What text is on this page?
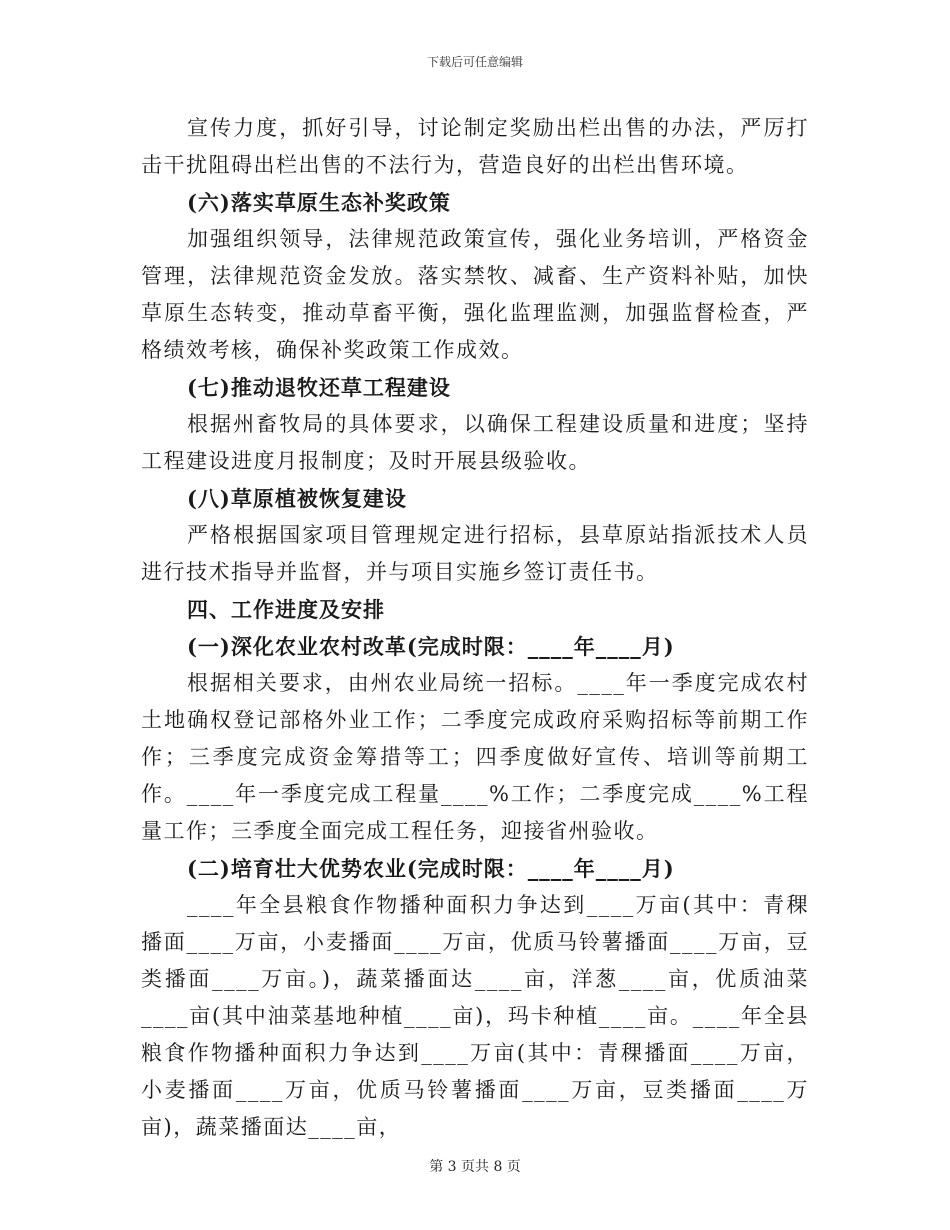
下载后可任意编辑

宣传力度，抓好引导，讨论制定奖励出栏出售的办法，严厉打击干扰阻碍出栏出售的不法行为，营造良好的出栏出售环境。

(六)落实草原生态补奖政策

加强组织领导，法律规范政策宣传，强化业务培训，严格资金管理，法律规范资金发放。落实禁牧、减畜、生产资料补贴，加快草原生态转变，推动草畜平衡，强化监理监测，加强监督检查，严格绩效考核，确保补奖政策工作成效。

(七)推动退牧还草工程建设

根据州畜牧局的具体要求，以确保工程建设质量和进度；坚持工程建设进度月报制度；及时开展县级验收。

(八)草原植被恢复建设

严格根据国家项目管理规定进行招标，县草原站指派技术人员进行技术指导并监督，并与项目实施乡签订责任书。

四、工作进度及安排

(一)深化农业农村改革(完成时限：____年____月)

根据相关要求，由州农业局统一招标。____年一季度完成农村土地确权登记部格外业工作；二季度完成政府采购招标等前期工作作；三季度完成资金筹措等工；四季度做好宣传、培训等前期工作。____年一季度完成工程量____%工作；二季度完成____%工程量工作；三季度全面完成工程任务，迎接省州验收。

(二)培育壮大优势农业(完成时限：____年____月)

____年全县粮食作物播种面积力争达到____万亩(其中：青稞播面____万亩，小麦播面____万亩，优质马铃薯播面____万亩，豆类播面____万亩。)，蔬菜播面达____亩，洋葱____亩，优质油菜____亩(其中油菜基地种植____亩)，玛卡种植____亩。____年全县粮食作物播种面积力争达到____万亩(其中：青稞播面____万亩，小麦播面____万亩，优质马铃薯播面____万亩，豆类播面____万亩)，蔬菜播面达____亩，

第 3 页共 8 页
